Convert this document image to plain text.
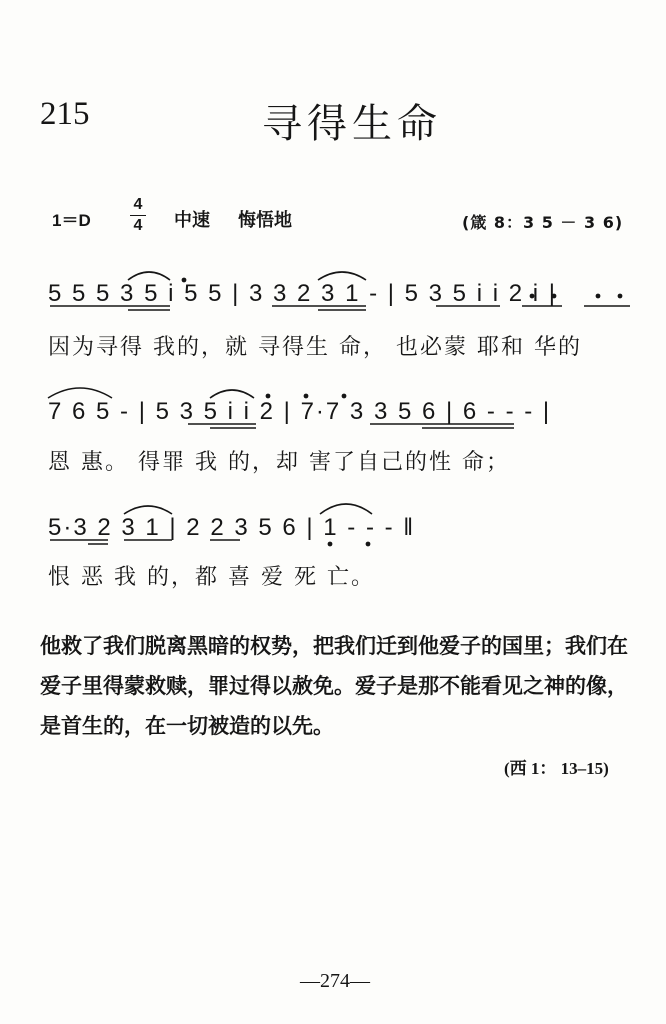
215	寻得生命
1＝D
4
4 中速 悔悟地	(箴 8：3 5 － 3 6)
5 5 5 3 5 i 5 5 | 3 3 2 3 1 - | 5 3 5 i i 2 i |
因为寻得 我的，就 寻得生 命， 也必蒙 耶和 华的
7 6 5 - | 5 3 5 i i 2 | 7·7 3 3 5 6 | 6 - - - |
恩 惠。 得罪 我 的，却 害了自己的性 命；
5·3 2 3 1 | 2 2 3 5 6 | 1 - - - ‖
恨 恶 我 的，都 喜 爱 死 亡。
他救了我们脱离黑暗的权势，把我们迁到他爱子的国里；我们在爱子里得蒙救赎，罪过得以赦免。爱子是那不能看见之神的像，是首生的，在一切被造的以先。
(西 1： 13–15)
—274—
